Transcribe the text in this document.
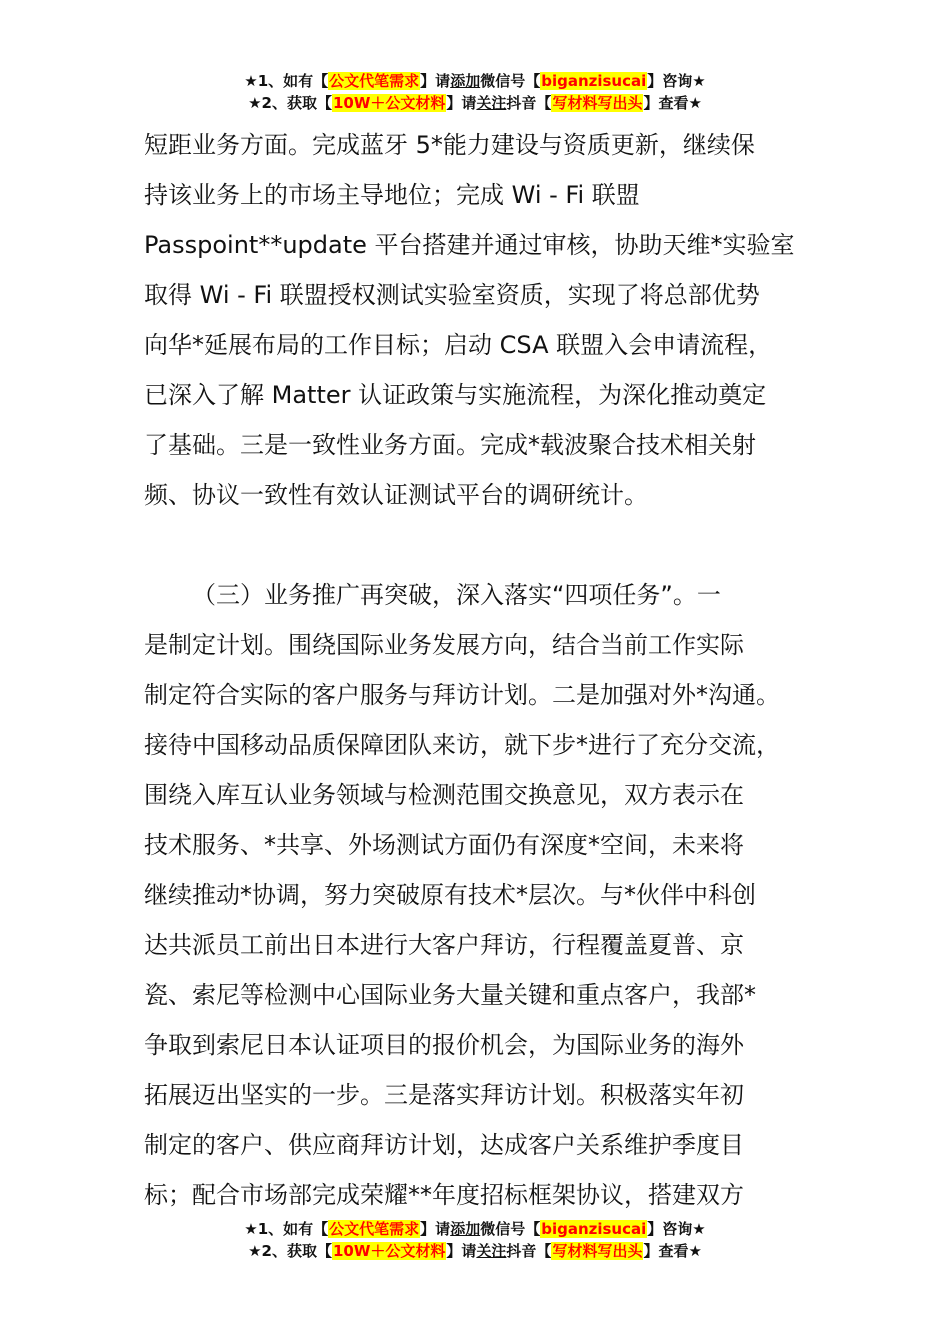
★1、如有【公文代笔需求】请添加微信号【biganzisucai】咨询★
★2、获取【10W＋公文材料】请关注抖音【写材料写出头】查看★
短距业务方面。完成蓝牙 5*能力建设与资质更新，继续保
持该业务上的市场主导地位；完成 Wi - Fi 联盟
Passpoint**update 平台搭建并通过审核，协助天维*实验室
取得 Wi - Fi 联盟授权测试实验室资质，实现了将总部优势
向华*延展布局的工作目标；启动 CSA 联盟入会申请流程，
已深入了解 Matter 认证政策与实施流程，为深化推动奠定
了基础。三是一致性业务方面。完成*载波聚合技术相关射
频、协议一致性有效认证测试平台的调研统计。
（三）业务推广再突破，深入落实“四项任务”。一
是制定计划。围绕国际业务发展方向，结合当前工作实际
制定符合实际的客户服务与拜访计划。二是加强对外*沟通。
接待中国移动品质保障团队来访，就下步*进行了充分交流，
围绕入库互认业务领域与检测范围交换意见，双方表示在
技术服务、*共享、外场测试方面仍有深度*空间，未来将
继续推动*协调，努力突破原有技术*层次。与*伙伴中科创
达共派员工前出日本进行大客户拜访，行程覆盖夏普、京
瓷、索尼等检测中心国际业务大量关键和重点客户，我部*
争取到索尼日本认证项目的报价机会，为国际业务的海外
拓展迈出坚实的一步。三是落实拜访计划。积极落实年初
制定的客户、供应商拜访计划，达成客户关系维护季度目
标；配合市场部完成荣耀**年度招标框架协议，搭建双方
★1、如有【公文代笔需求】请添加微信号【biganzisucai】咨询★
★2、获取【10W＋公文材料】请关注抖音【写材料写出头】查看★
